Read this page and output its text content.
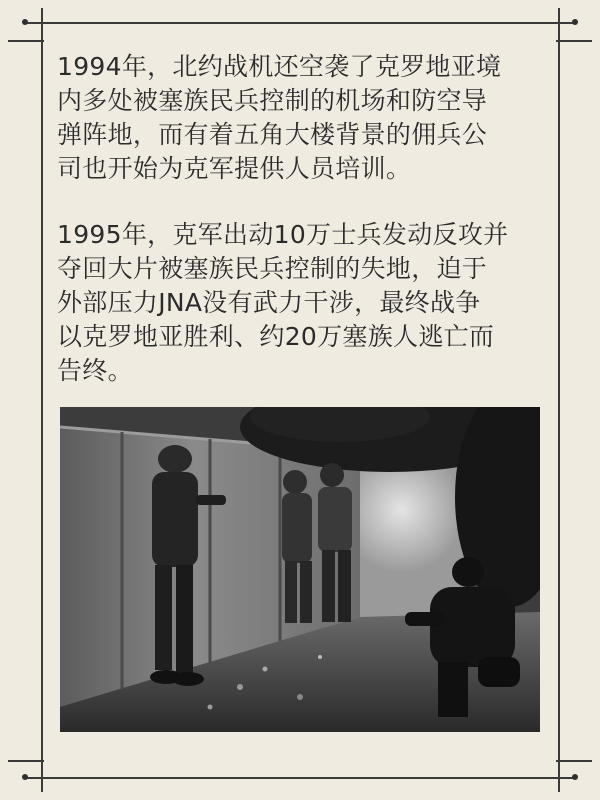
1994年，北约战机还空袭了克罗地亚境
内多处被塞族民兵控制的机场和防空导
弹阵地，而有着五角大楼背景的佣兵公
司也开始为克军提供人员培训。

1995年，克军出动10万士兵发动反攻并
夺回大片被塞族民兵控制的失地，迫于
外部压力JNA没有武力干涉，最终战争
以克罗地亚胜利、约20万塞族人逃亡而
告终。
